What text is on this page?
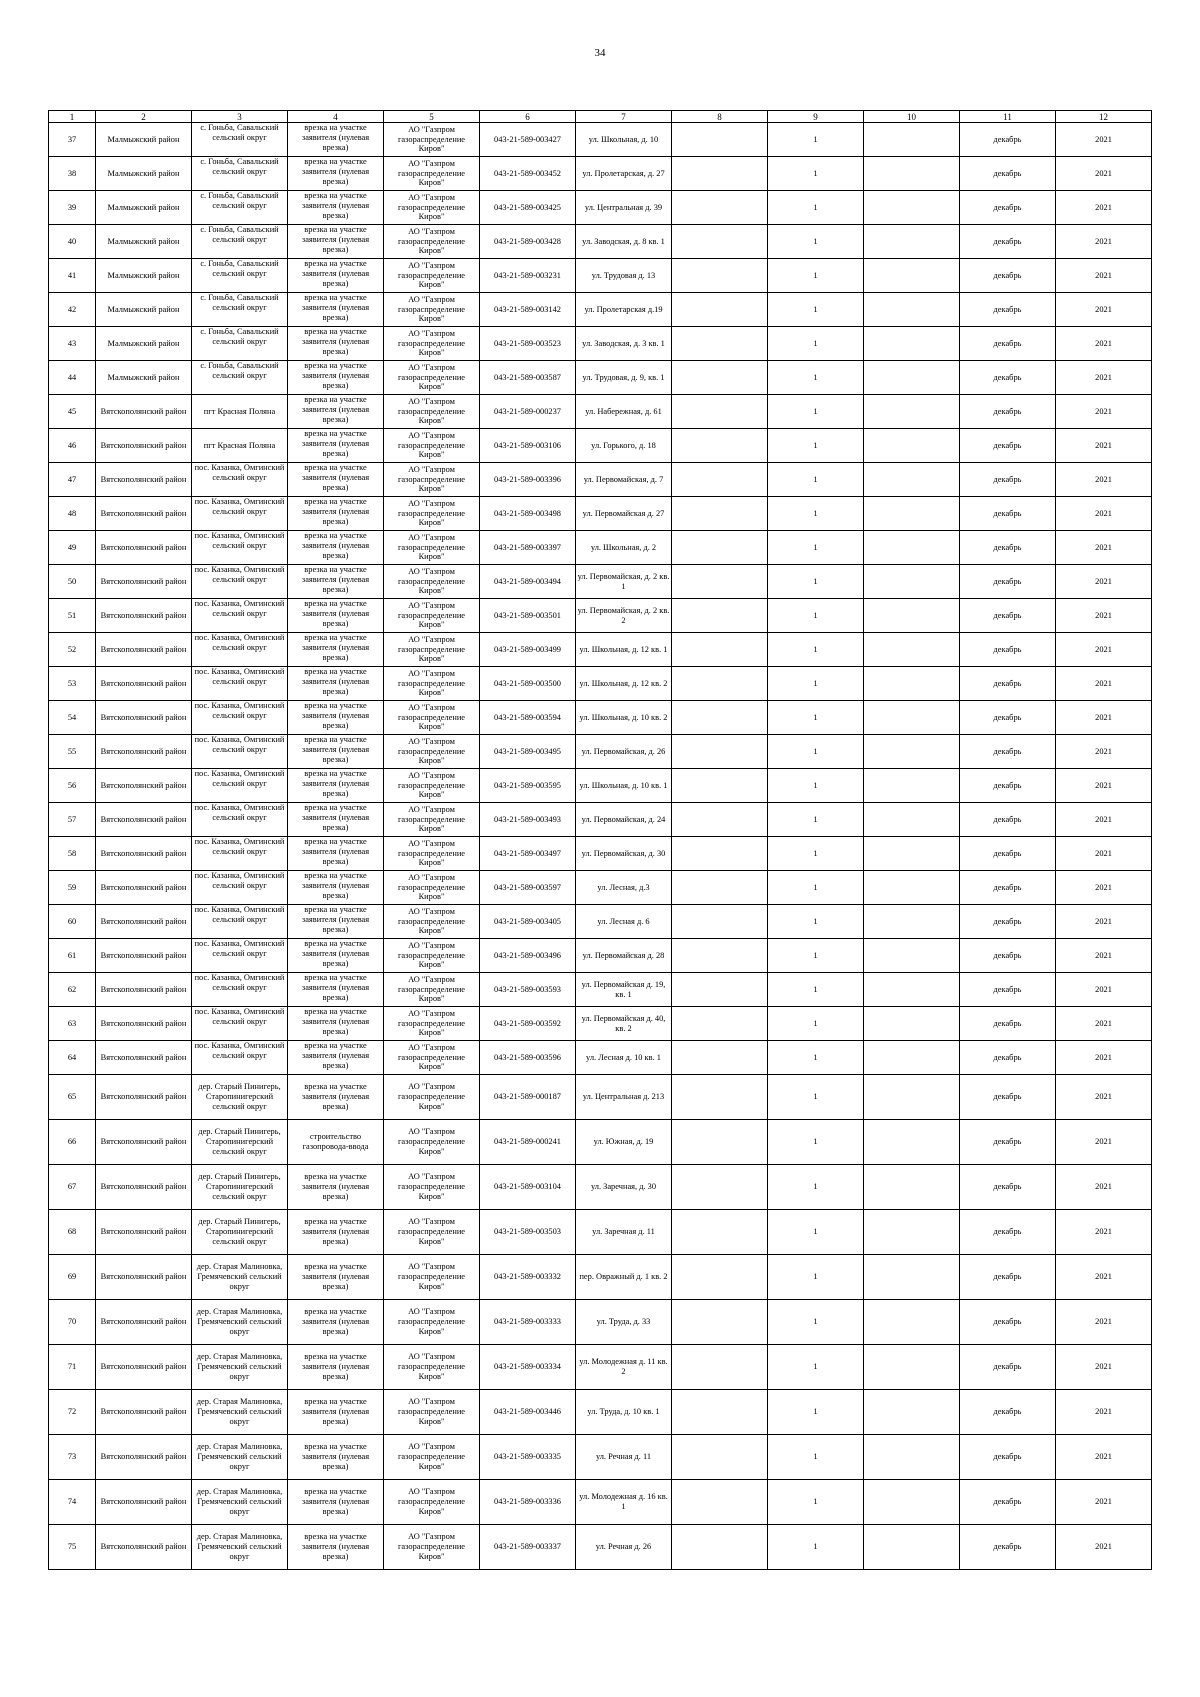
34
1	2	3	4	5	6	7	8	9	10	11	12
37	Малмыжский район	с. Гоньба, Савальский сельский округ	врезка на участке заявителя (нулевая врезка)	АО "Газпром газораспределение Киров"	043-21-589-003427	ул. Школьная, д. 10		1		декабрь	2021
38	Малмыжский район	с. Гоньба, Савальский сельский округ	врезка на участке заявителя (нулевая врезка)	АО "Газпром газораспределение Киров"	043-21-589-003452	ул. Пролетарская, д. 27		1		декабрь	2021
39	Малмыжский район	с. Гоньба, Савальский сельский округ	врезка на участке заявителя (нулевая врезка)	АО "Газпром газораспределение Киров"	043-21-589-003425	ул. Центральная д. 39		1		декабрь	2021
40	Малмыжский район	с. Гоньба, Савальский сельский округ	врезка на участке заявителя (нулевая врезка)	АО "Газпром газораспределение Киров"	043-21-589-003428	ул. Заводская, д. 8 кв. 1		1		декабрь	2021
41	Малмыжский район	с. Гоньба, Савальский сельский округ	врезка на участке заявителя (нулевая врезка)	АО "Газпром газораспределение Киров"	043-21-589-003231	ул. Трудовая д. 13		1		декабрь	2021
42	Малмыжский район	с. Гоньба, Савальский сельский округ	врезка на участке заявителя (нулевая врезка)	АО "Газпром газораспределение Киров"	043-21-589-003142	ул. Пролетарская д.19		1		декабрь	2021
43	Малмыжский район	с. Гоньба, Савальский сельский округ	врезка на участке заявителя (нулевая врезка)	АО "Газпром газораспределение Киров"	043-21-589-003523	ул. Заводская, д. 3 кв. 1		1		декабрь	2021
44	Малмыжский район	с. Гоньба, Савальский сельский округ	врезка на участке заявителя (нулевая врезка)	АО "Газпром газораспределение Киров"	043-21-589-003587	ул. Трудовая, д. 9, кв. 1		1		декабрь	2021
45	Вятскополянский район	пгт Красная Поляна	врезка на участке заявителя (нулевая врезка)	АО "Газпром газораспределение Киров"	043-21-589-000237	ул. Набережная, д. 61		1		декабрь	2021
46	Вятскополянский район	пгт Красная Поляна	врезка на участке заявителя (нулевая врезка)	АО "Газпром газораспределение Киров"	043-21-589-003106	ул. Горького, д. 18		1		декабрь	2021
47	Вятскополянский район	пос. Казанка, Омгинский сельский округ	врезка на участке заявителя (нулевая врезка)	АО "Газпром газораспределение Киров"	043-21-589-003396	ул. Первомайская, д. 7		1		декабрь	2021
48	Вятскополянский район	пос. Казанка, Омгинский сельский округ	врезка на участке заявителя (нулевая врезка)	АО "Газпром газораспределение Киров"	043-21-589-003498	ул. Первомайская д. 27		1		декабрь	2021
49	Вятскополянский район	пос. Казанка, Омгинский сельский округ	врезка на участке заявителя (нулевая врезка)	АО "Газпром газораспределение Киров"	043-21-589-003397	ул. Школьная, д. 2		1		декабрь	2021
50	Вятскополянский район	пос. Казанка, Омгинский сельский округ	врезка на участке заявителя (нулевая врезка)	АО "Газпром газораспределение Киров"	043-21-589-003494	ул. Первомайская, д. 2 кв. 1		1		декабрь	2021
51	Вятскополянский район	пос. Казанка, Омгинский сельский округ	врезка на участке заявителя (нулевая врезка)	АО "Газпром газораспределение Киров"	043-21-589-003501	ул. Первомайская, д. 2 кв. 2		1		декабрь	2021
52	Вятскополянский район	пос. Казанка, Омгинский сельский округ	врезка на участке заявителя (нулевая врезка)	АО "Газпром газораспределение Киров"	043-21-589-003499	ул. Школьная, д. 12 кв. 1		1		декабрь	2021
53	Вятскополянский район	пос. Казанка, Омгинский сельский округ	врезка на участке заявителя (нулевая врезка)	АО "Газпром газораспределение Киров"	043-21-589-003500	ул. Школьная, д. 12 кв. 2		1		декабрь	2021
54	Вятскополянский район	пос. Казанка, Омгинский сельский округ	врезка на участке заявителя (нулевая врезка)	АО "Газпром газораспределение Киров"	043-21-589-003594	ул. Школьная, д. 10 кв. 2		1		декабрь	2021
55	Вятскополянский район	пос. Казанка, Омгинский сельский округ	врезка на участке заявителя (нулевая врезка)	АО "Газпром газораспределение Киров"	043-21-589-003495	ул. Первомайская, д. 26		1		декабрь	2021
56	Вятскополянский район	пос. Казанка, Омгинский сельский округ	врезка на участке заявителя (нулевая врезка)	АО "Газпром газораспределение Киров"	043-21-589-003595	ул. Школьная, д. 10 кв. 1		1		декабрь	2021
57	Вятскополянский район	пос. Казанка, Омгинский сельский округ	врезка на участке заявителя (нулевая врезка)	АО "Газпром газораспределение Киров"	043-21-589-003493	ул. Первомайская, д. 24		1		декабрь	2021
58	Вятскополянский район	пос. Казанка, Омгинский сельский округ	врезка на участке заявителя (нулевая врезка)	АО "Газпром газораспределение Киров"	043-21-589-003497	ул. Первомайская, д. 30		1		декабрь	2021
59	Вятскополянский район	пос. Казанка, Омгинский сельский округ	врезка на участке заявителя (нулевая врезка)	АО "Газпром газораспределение Киров"	043-21-589-003597	ул. Лесная, д.3		1		декабрь	2021
60	Вятскополянский район	пос. Казанка, Омгинский сельский округ	врезка на участке заявителя (нулевая врезка)	АО "Газпром газораспределение Киров"	043-21-589-003405	ул. Лесная д. 6		1		декабрь	2021
61	Вятскополянский район	пос. Казанка, Омгинский сельский округ	врезка на участке заявителя (нулевая врезка)	АО "Газпром газораспределение Киров"	043-21-589-003496	ул. Первомайская д. 28		1		декабрь	2021
62	Вятскополянский район	пос. Казанка, Омгинский сельский округ	врезка на участке заявителя (нулевая врезка)	АО "Газпром газораспределение Киров"	043-21-589-003593	ул. Первомайская д. 19, кв. 1		1		декабрь	2021
63	Вятскополянский район	пос. Казанка, Омгинский сельский округ	врезка на участке заявителя (нулевая врезка)	АО "Газпром газораспределение Киров"	043-21-589-003592	ул. Первомайская д. 40, кв. 2		1		декабрь	2021
64	Вятскополянский район	пос. Казанка, Омгинский сельский округ	врезка на участке заявителя (нулевая врезка)	АО "Газпром газораспределение Киров"	043-21-589-003596	ул. Лесная д. 10 кв. 1		1		декабрь	2021
65	Вятскополянский район	дер. Старый Пинигерь, Старопинигерский сельский округ	врезка на участке заявителя (нулевая врезка)	АО "Газпром газораспределение Киров"	043-21-589-000187	ул. Центральная д. 213		1		декабрь	2021
66	Вятскополянский район	дер. Старый Пинигерь, Старопинигерский сельский округ	строительство газопровода-ввода	АО "Газпром газораспределение Киров"	043-21-589-000241	ул. Южная, д. 19		1		декабрь	2021
67	Вятскополянский район	дер. Старый Пинигерь, Старопинигерский сельский округ	врезка на участке заявителя (нулевая врезка)	АО "Газпром газораспределение Киров"	043-21-589-003104	ул. Заречная, д. 30		1		декабрь	2021
68	Вятскополянский район	дер. Старый Пинигерь, Старопинигерский сельский округ	врезка на участке заявителя (нулевая врезка)	АО "Газпром газораспределение Киров"	043-21-589-003503	ул. Заречная д. 11		1		декабрь	2021
69	Вятскополянский район	дер. Старая Малиновка, Гремячевский сельский округ	врезка на участке заявителя (нулевая врезка)	АО "Газпром газораспределение Киров"	043-21-589-003332	пер. Овражный д. 1 кв. 2		1		декабрь	2021
70	Вятскополянский район	дер. Старая Малиновка, Гремячевский сельский округ	врезка на участке заявителя (нулевая врезка)	АО "Газпром газораспределение Киров"	043-21-589-003333	ул. Труда, д. 33		1		декабрь	2021
71	Вятскополянский район	дер. Старая Малиновка, Гремячевский сельский округ	врезка на участке заявителя (нулевая врезка)	АО "Газпром газораспределение Киров"	043-21-589-003334	ул. Молодежная д. 11 кв. 2		1		декабрь	2021
72	Вятскополянский район	дер. Старая Малиновка, Гремячевский сельский округ	врезка на участке заявителя (нулевая врезка)	АО "Газпром газораспределение Киров"	043-21-589-003446	ул. Труда, д. 10 кв. 1		1		декабрь	2021
73	Вятскополянский район	дер. Старая Малиновка, Гремячевский сельский округ	врезка на участке заявителя (нулевая врезка)	АО "Газпром газораспределение Киров"	043-21-589-003335	ул. Речная д. 11		1		декабрь	2021
74	Вятскополянский район	дер. Старая Малиновка, Гремячевский сельский округ	врезка на участке заявителя (нулевая врезка)	АО "Газпром газораспределение Киров"	043-21-589-003336	ул. Молодежная д. 16 кв. 1		1		декабрь	2021
75	Вятскополянский район	дер. Старая Малиновка, Гремячевский сельский округ	врезка на участке заявителя (нулевая врезка)	АО "Газпром газораспределение Киров"	043-21-589-003337	ул. Речная д. 26		1		декабрь	2021
